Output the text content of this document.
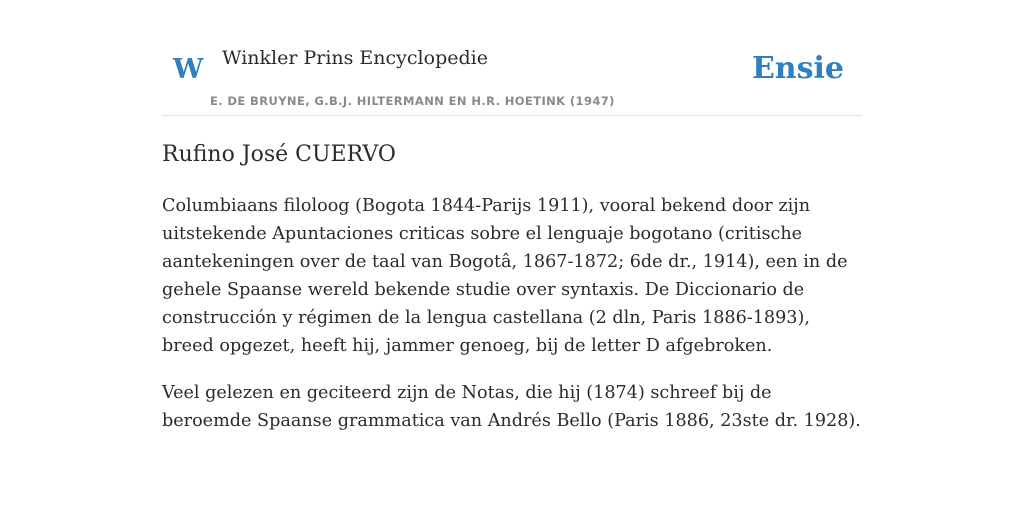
W Winkler Prins Encyclopedie
E. DE BRUYNE, G.B.J. HILTERMANN EN H.R. HOETINK (1947)
Ensie
Rufino José CUERVO

Columbiaans filoloog (Bogota 1844-Parijs 1911), vooral bekend door zijn uitstekende Apuntaciones criticas sobre el lenguaje bogotano (critische aantekeningen over de taal van Bogotâ, 1867-1872; 6de dr., 1914), een in de gehele Spaanse wereld bekende studie over syntaxis. De Diccionario de construcción y régimen de la lengua castellana (2 dln, Paris 1886-1893), breed opgezet, heeft hij, jammer genoeg, bij de letter D afgebroken.

Veel gelezen en geciteerd zijn de Notas, die hij (1874) schreef bij de beroemde Spaanse grammatica van Andrés Bello (Paris 1886, 23ste dr. 1928).
